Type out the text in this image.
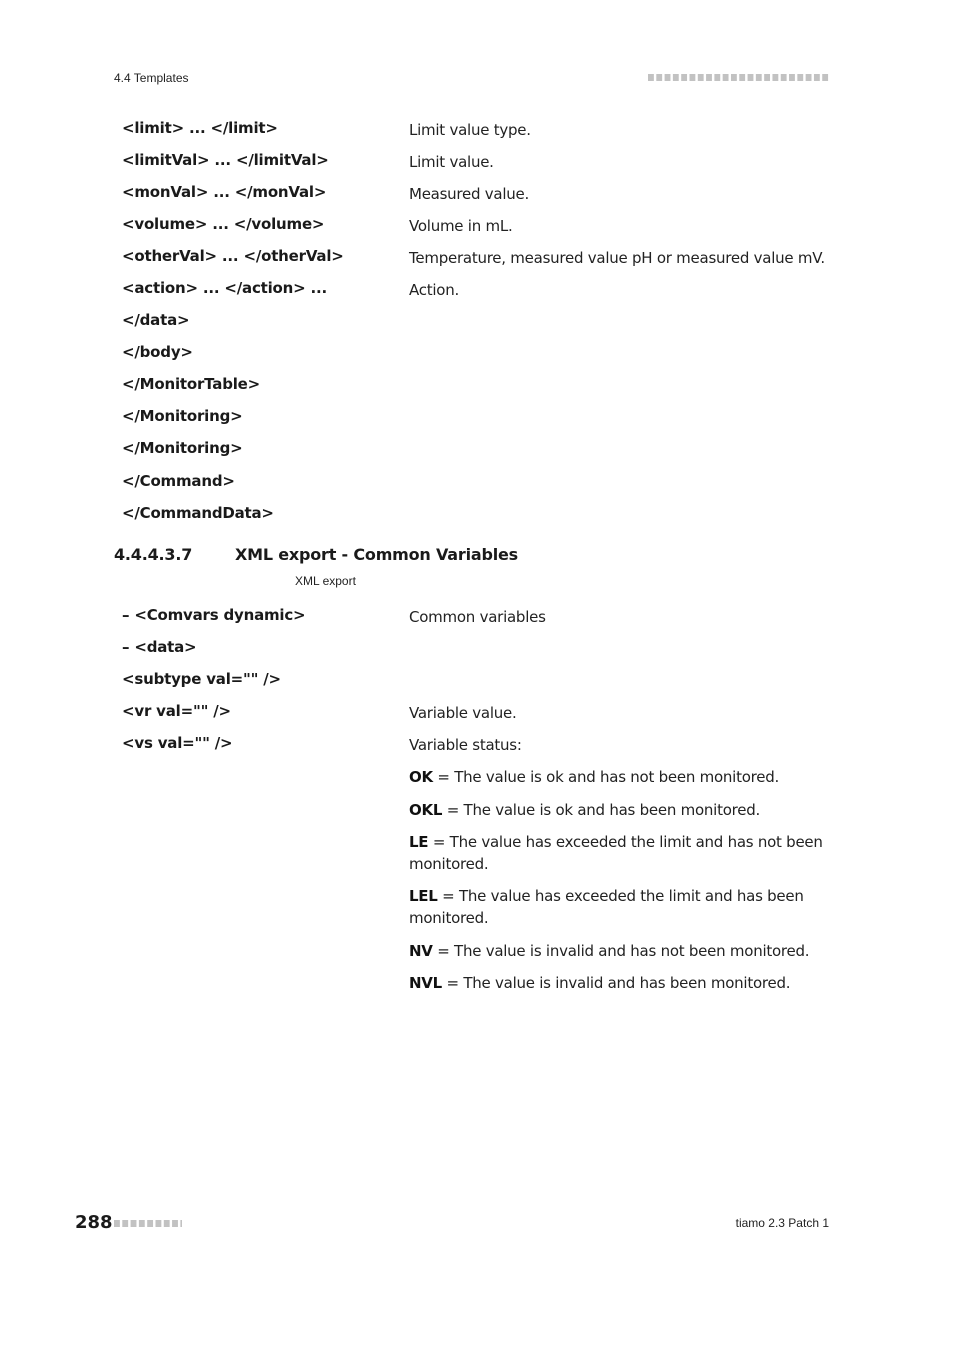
4.4 Templates
<limit> ... </limit>	Limit value type.
<limitVal> ... </limitVal>	Limit value.
<monVal> ... </monVal>	Measured value.
<volume> ... </volume>	Volume in mL.
<otherVal> ... </otherVal>	Temperature, measured value pH or measured value mV.
<action> ... </action> ...	Action.
</data>
</body>
</MonitorTable>
</Monitoring>
</Monitoring>
</Command>
</CommandData>
4.4.4.3.7	XML export - Common Variables
XML export
– <Comvars dynamic>	Common variables
– <data>
<subtype val="" />
<vr val="" />	Variable value.
<vs val="" />	Variable status:
OK = The value is ok and has not been monitored.
OKL = The value is ok and has been monitored.
LE = The value has exceeded the limit and has not been monitored.
LEL = The value has exceeded the limit and has been monitored.
NV = The value is invalid and has not been monitored.
NVL = The value is invalid and has been monitored.
288	tiamo 2.3 Patch 1
